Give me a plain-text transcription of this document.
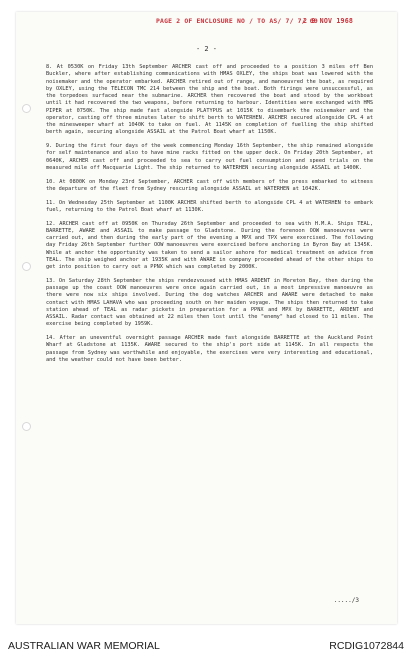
PAGE 2 OF ENCLOSURE NO / TO AS/ 7/ 7/ 09
2 9 NOV 1968
- 2 -

8. At 0530K on Friday 13th September ARCHER cast off and proceeded to a position 3 miles off Ben Buckler, where after establishing communications with HMAS OXLEY, the ships boat was lowered with the noisemaker and the operator embarked. ARCHER retired out of range, and manoeuvred the boat, as required by OXLEY, using the TELECON TMC 214 between the ship and the boat. Both firings were unsuccessful, as the torpedoes surfaced near the submarine. ARCHER then recovered the boat and stood by the workboat until it had recovered the two weapons, before returning to harbour. Identities were exchanged with HMS PIPER at 0750K. The ship made fast alongside PLATYPUS at 1015K to disembark the noisemaker and the operator, casting off three minutes later to shift berth to WATERHEN. ARCHER secured alongside CPL 4 at the minesweeper wharf at 1040K to take on fuel. At 1145K on completion of fuelling the ship shifted berth again, securing alongside ASSAIL at the Patrol Boat wharf at 1150K.

9. During the first four days of the week commencing Monday 16th September, the ship remained alongside for self maintenance and also to have mine racks fitted on the upper deck. On Friday 20th September, at 0640K, ARCHER cast off and proceeded to sea to carry out fuel consumption and speed trials on the measured mile off Macquarie Light. The ship returned to WATERHEN securing alongside ASSAIL at 1400K.

10. At 0800K on Monday 23rd September, ARCHER cast off with members of the press embarked to witness the departure of the fleet from Sydney rescuring alongside ASSAIL at WATERHEN at 1042K.

11. On Wednesday 25th September at 1100K ARCHER shifted berth to alongside CPL 4 at WATERHEN to embark fuel, returning to the Patrol Boat wharf at 1130K.

12. ARCHER cast off at 0950K on Thursday 26th September and proceeded to sea with H.M.A. Ships TEAL, BARRETTE, AWARE and ASSAIL to make passage to Gladstone. During the forenoon OOW manoeuvres were carried out, and then during the early part of the evening a MPX and TPX were exercised. The following day Friday 26th September further OOW manoeuvres were exercised before anchoring in Byron Bay at 1345K. While at anchor the opportunity was taken to send a sailor ashore for medical treatment on advice from TEAL. The ship weighed anchor at 1935K and with AWARE in company proceeded ahead of the other ships to get into position to carry out a PPNX which was completed by 2000K.

13. On Saturday 28th September the ships rendezvoused with HMAS ARDENT in Moreton Bay, then during the passage up the coast OOW manoeuvres were once again carried out, in a most impressive manoeuvre as there were now six ships involved. During the dog watches ARCHER and AWARE were detached to make contact with HMAS LAHAVA who was proceeding south on her maiden voyage. The ships then returned to take station ahead of TEAL as radar pickets in preparation for a PPNX and MPX by BARRETTE, ARDENT and ASSAIL. Radar contact was obtained at 22 miles then lost until the "enemy" had closed to 11 miles. The exercise being completed by 1959K.

14. After an uneventful overnight passage ARCHER made fast alongside BARRETTE at the Auckland Point Wharf at Gladstone at 1135K. AWARE secured to the ship's port side at 1145K. In all respects the passage from Sydney was worthwhile and enjoyable, the exercises were very interesting and educational, and the weather could not have been better.

...../3
AUSTRALIAN WAR MEMORIAL	RCDIG1072844
